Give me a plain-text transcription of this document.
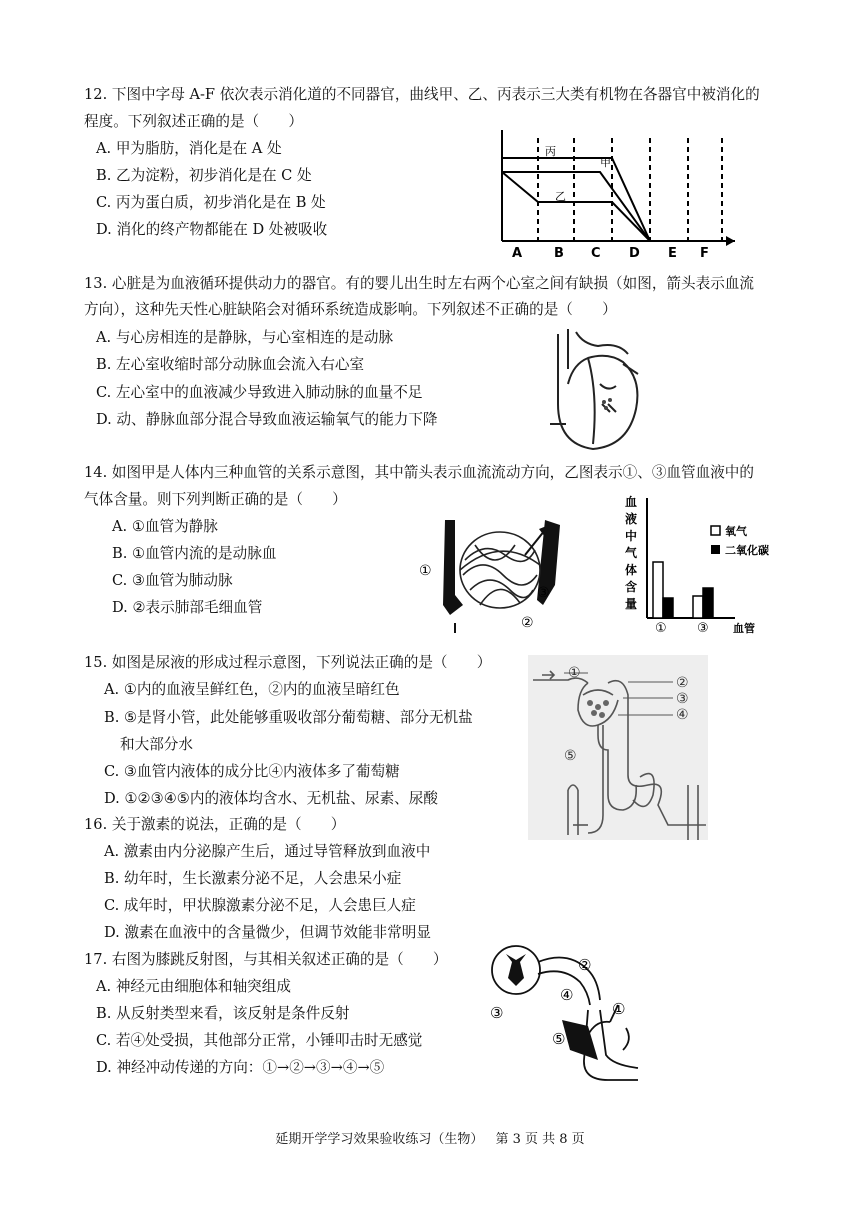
12. 下图中字母 A-F 依次表示消化道的不同器官，曲线甲、乙、丙表示三大类有机物在各器官中被消化的
程度。下列叙述正确的是（　　）
A. 甲为脂肪，消化是在 A 处
B. 乙为淀粉，初步消化是在 C 处
C. 丙为蛋白质，初步消化是在 B 处
D. 消化的终产物都能在 D 处被吸收
丙
甲
乙
A B C D E F
13. 心脏是为血液循环提供动力的器官。有的婴儿出生时左右两个心室之间有缺损（如图，箭头表示血流
方向），这种先天性心脏缺陷会对循环系统造成影响。下列叙述不正确的是（　　）
A. 与心房相连的是静脉，与心室相连的是动脉
B. 左心室收缩时部分动脉血会流入右心室
C. 左心室中的血液减少导致进入肺动脉的血量不足
D. 动、静脉血部分混合导致血液运输氧气的能力下降
14. 如图甲是人体内三种血管的关系示意图，其中箭头表示血流流动方向，乙图表示①、③血管血液中的
气体含量。则下列判断正确的是（　　）
A. ①血管为静脉
B. ①血管内流的是动脉血
C. ③血管为肺动脉
D. ②表示肺部毛细血管
①
②
③
血
液
中
气
体
含
量
氧气
二氧化碳
① ③ 血管
15. 如图是尿液的形成过程示意图，下列说法正确的是（　　）
A. ①内的血液呈鲜红色，②内的血液呈暗红色
B. ⑤是肾小管，此处能够重吸收部分葡萄糖、部分无机盐
和大部分水
C. ③血管内液体的成分比④内液体多了葡萄糖
D. ①②③④⑤内的液体均含水、无机盐、尿素、尿酸
①
②
③
④
⑤
16. 关于激素的说法，正确的是（　　）
A. 激素由内分泌腺产生后，通过导管释放到血液中
B. 幼年时，生长激素分泌不足，人会患呆小症
C. 成年时，甲状腺激素分泌不足，人会患巨人症
D. 激素在血液中的含量微少，但调节效能非常明显
17. 右图为膝跳反射图，与其相关叙述正确的是（　　）
A. 神经元由细胞体和轴突组成
B. 从反射类型来看，该反射是条件反射
C. 若④处受损，其他部分正常，小锤叩击时无感觉
D. 神经冲动传递的方向：①→②→③→④→⑤
②
④
③	①
⑤
延期开学学习效果验收练习（生物） 第 3 页 共 8 页
